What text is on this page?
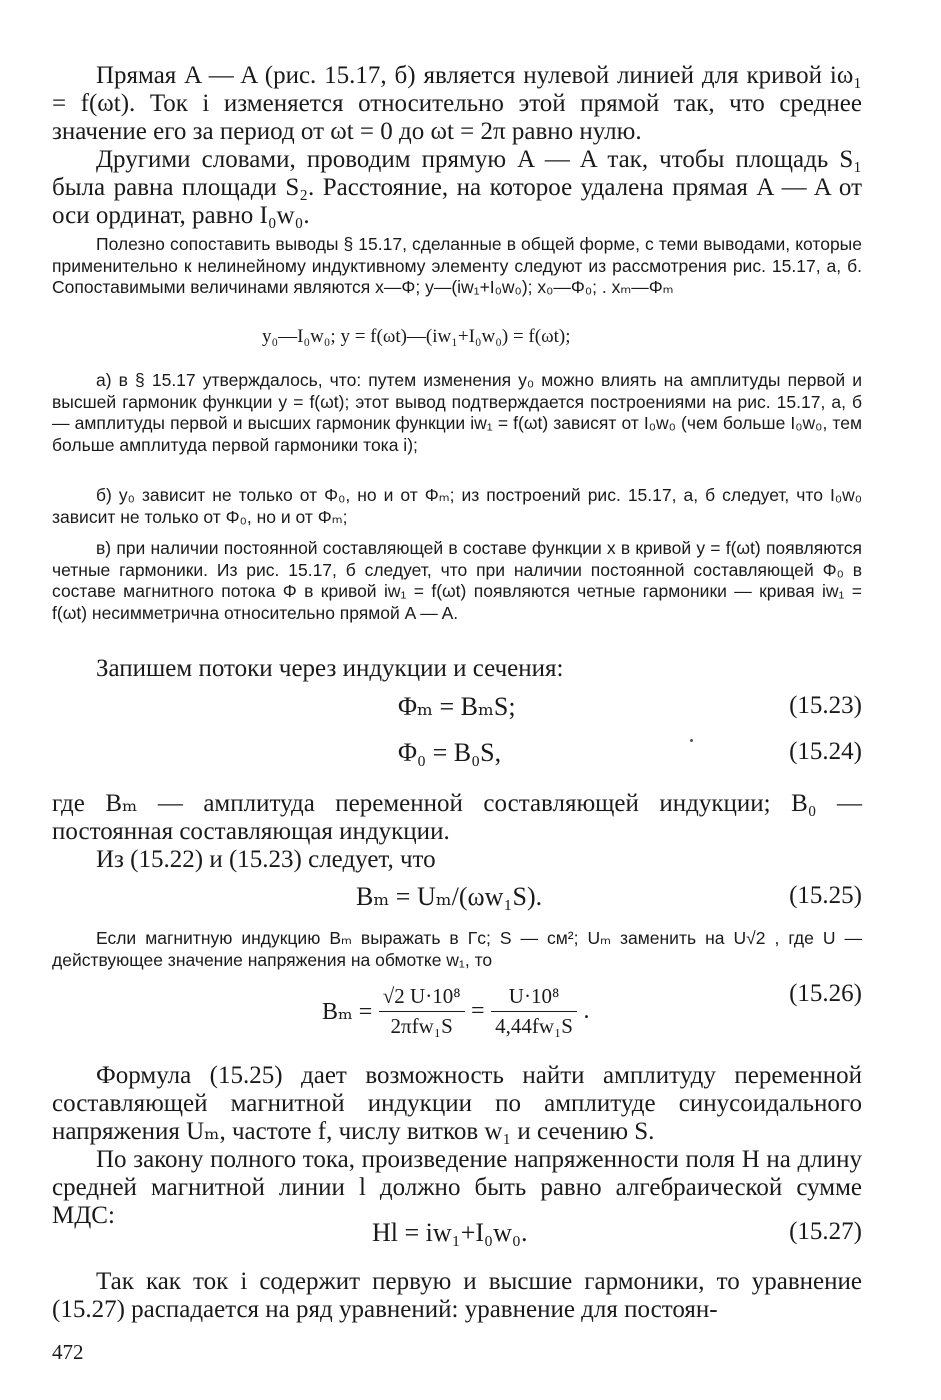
Прямая A — A (рис. 15.17, б) является нулевой линией для кривой iω₁ = f(ωt). Ток i изменяется относительно этой прямой так, что среднее значение его за период от ωt = 0 до ωt = 2π равно нулю.

Другими словами, проводим прямую A — A так, чтобы площадь S₁ была равна площади S₂. Расстояние, на которое удалена прямая A — A от оси ординат, равно I₀w₀.

Полезно сопоставить выводы § 15.17, сделанные в общей форме, с теми выводами, которые применительно к нелинейному индуктивному элементу следуют из рассмотрения рис. 15.17, а, б. Сопоставимыми величинами являются x—Φ; y—(iw₁+I₀w₀); x₀—Φ₀; . xₘ—Φₘ

y₀—I₀w₀; y = f(ωt)—(iw₁+I₀w₀) = f(ωt);

а) в § 15.17 утверждалось, что: путем изменения y₀ можно влиять на амплитуды первой и высшей гармоник функции y = f(ωt); этот вывод подтверждается построениями на рис. 15.17, а, б — амплитуды первой и высших гармоник функции iw₁ = f(ωt) зависят от I₀w₀ (чем больше I₀w₀, тем больше амплитуда первой гармоники тока i);

б) y₀ зависит не только от Φ₀, но и от Φₘ; из построений рис. 15.17, а, б следует, что I₀w₀ зависит не только от Φ₀, но и от Φₘ;

в) при наличии постоянной составляющей в составе функции x в кривой y = f(ωt) появляются четные гармоники. Из рис. 15.17, б следует, что при наличии постоянной составляющей Φ₀ в составе магнитного потока Φ в кривой iw₁ = f(ωt) появляются четные гармоники — кривая iw₁ = f(ωt) несимметрична относительно прямой A — A.

Запишем потоки через индукции и сечения:

Φₘ = BₘS;	(15.23)
Φ₀ = B₀S,	(15.24)

где Bₘ — амплитуда переменной составляющей индукции; B₀ — постоянная составляющая индукции.

Из (15.22) и (15.23) следует, что

Bₘ = Uₘ/(ωw₁S).	(15.25)

Если магнитную индукцию Bₘ выражать в Гс; S — см²; Uₘ заменить на U√2 , где U — действующее значение напряжения на обмотке w₁, то

$B_m = \frac{\text{√2 U·10⁸}}{\text{2πfw₁S}} = \frac{\text{U·10⁸}}{\text{4,44fw₁S}}$ .
(15.26)

Формула (15.25) дает возможность найти амплитуду переменной составляющей магнитной индукции по амплитуде синусоидального напряжения Uₘ, частоте f, числу витков w₁ и сечению S.

По закону полного тока, произведение напряженности поля H на длину средней магнитной линии l должно быть равно алгебраической сумме МДС:

Hl = iw₁+I₀w₀.	(15.27)

Так как ток i содержит первую и высшие гармоники, то уравнение (15.27) распадается на ряд уравнений: уравнение для постоян-

472
